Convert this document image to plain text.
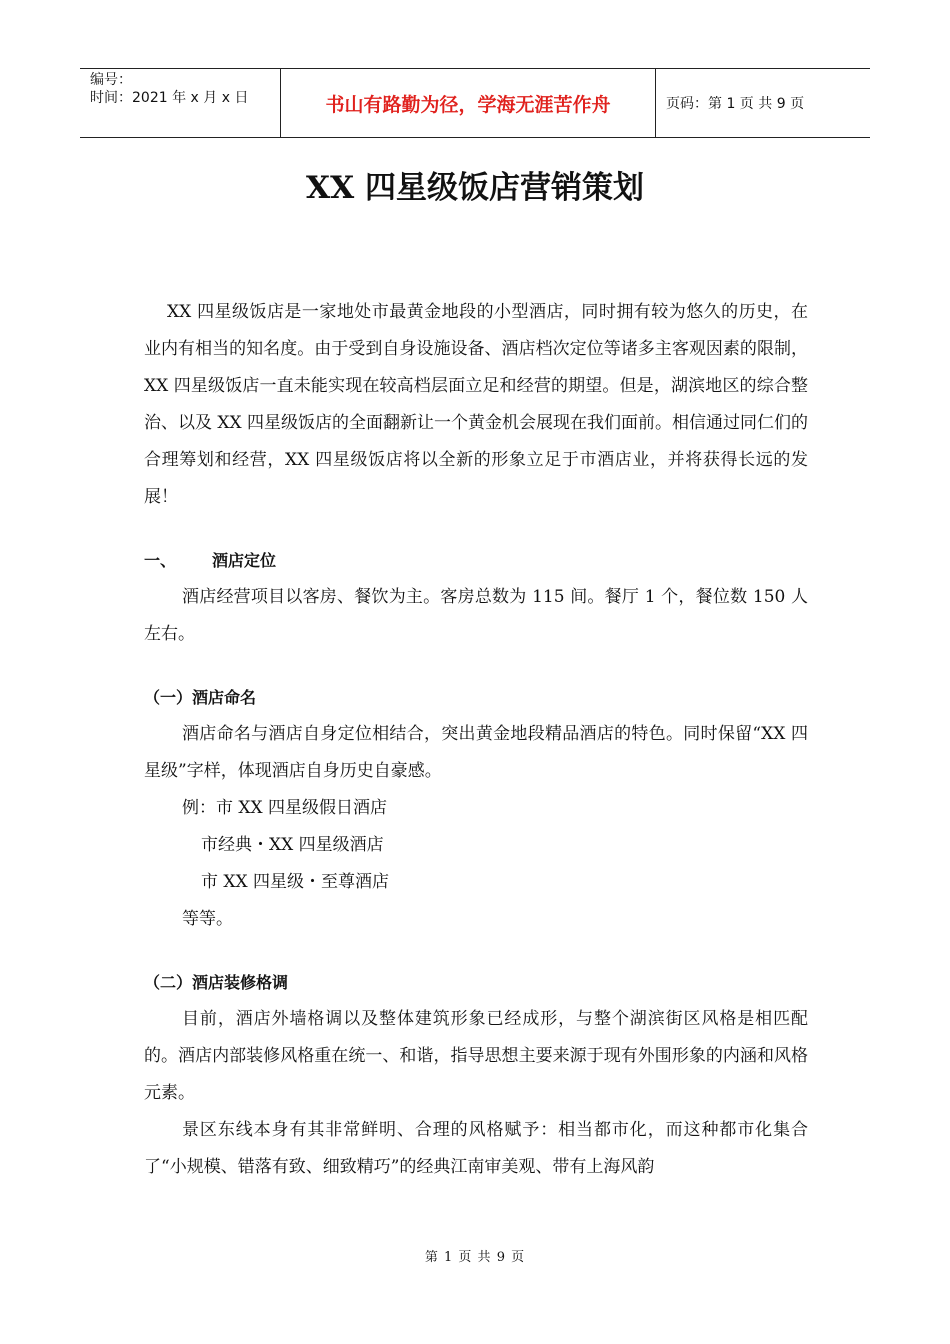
编号：
时间：2021 年 x 月 x 日	书山有路勤为径，学海无涯苦作舟	页码：第 1 页 共 9 页
XX 四星级饭店营销策划

XX 四星级饭店是一家地处市最黄金地段的小型酒店，同时拥有较为悠久的历史，在业内有相当的知名度。由于受到自身设施设备、酒店档次定位等诸多主客观因素的限制，XX 四星级饭店一直未能实现在较高档层面立足和经营的期望。但是，湖滨地区的综合整治、以及 XX 四星级饭店的全面翻新让一个黄金机会展现在我们面前。相信通过同仁们的合理筹划和经营，XX 四星级饭店将以全新的形象立足于市酒店业，并将获得长远的发展！

一、 酒店定位

酒店经营项目以客房、餐饮为主。客房总数为 115 间。餐厅 1 个，餐位数 150 人左右。

（一）酒店命名

酒店命名与酒店自身定位相结合，突出黄金地段精品酒店的特色。同时保留“XX 四星级”字样，体现酒店自身历史自豪感。

例：市 XX 四星级假日酒店

市经典・XX 四星级酒店

市 XX 四星级・至尊酒店

等等。

（二）酒店装修格调

目前，酒店外墙格调以及整体建筑形象已经成形，与整个湖滨街区风格是相匹配的。酒店内部装修风格重在统一、和谐，指导思想主要来源于现有外围形象的内涵和风格元素。

景区东线本身有其非常鲜明、合理的风格赋予：相当都市化，而这种都市化集合了“小规模、错落有致、细致精巧”的经典江南审美观、带有上海风韵

第 1 页 共 9 页
